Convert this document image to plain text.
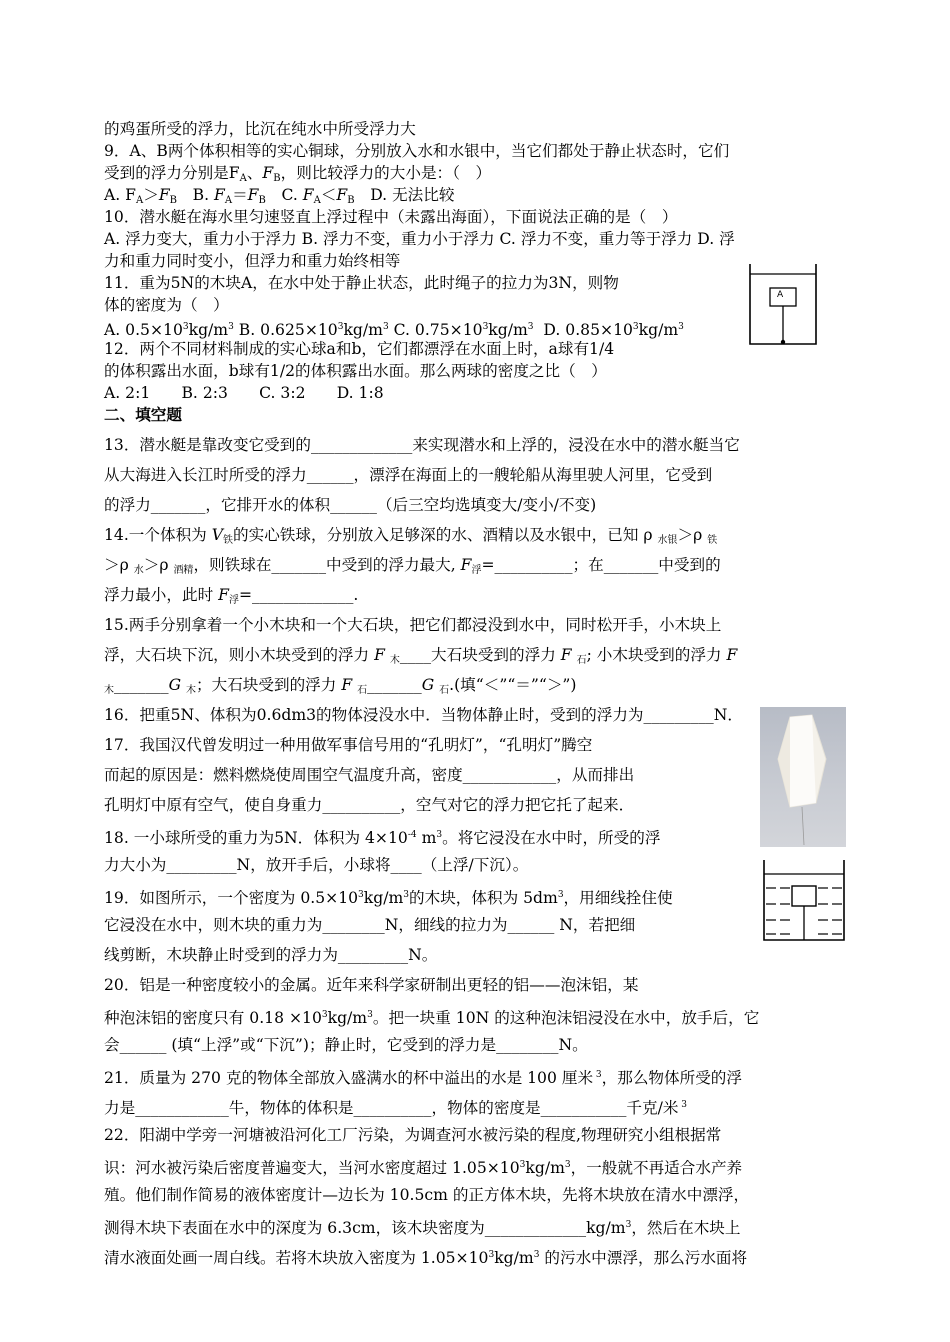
A
的鸡蛋所受的浮力，比沉在纯水中所受浮力大
9．A、B两个体积相等的实心铜球，分别放入水和水银中，当它们都处于静止状态时，它们
受到的浮力分别是$F_A$、$F_B$，则比较浮力的大小是：（　）
A. $F_A>F_B$　B. $F_A=F_B$　C. $F_A<F_B$　D. 无法比较
10．潜水艇在海水里匀速竖直上浮过程中（未露出海面），下面说法正确的是（　）
A. 浮力变大，重力小于浮力 B. 浮力不变，重力小于浮力 C. 浮力不变，重力等于浮力 D. 浮
力和重力同时变小，但浮力和重力始终相等
11．重为5N的木块A，在水中处于静止状态，此时绳子的拉力为3N，则物
体的密度为（　）
A. $0.5\times 10^3kg/m^3$ B. $0.625\times 10^3kg/m^3$ C. $0.75\times 10^3kg/m^3$  D. $0.85\times 10^3kg/m^3$
12．两个不同材料制成的实心球a和b，它们都漂浮在水面上时，a球有1/4
的体积露出水面，b球有1/2的体积露出水面。那么两球的密度之比（　）
A. 2:1　　B. 2:3　　C. 3:2　　D. 1:8
二、填空题
13．潜水艇是靠改变它受到的_____________来实现潜水和上浮的，浸没在水中的潜水艇当它
从大海进入长江时所受的浮力______，漂浮在海面上的一艘轮船从海里驶人河里，它受到
的浮力_______，它排开水的体积______（后三空均选填变大/变小/不变)
14.一个体积为 $V_铁$的实心铁球，分别放入足够深的水、酒精以及水银中，已知 ρ $_{水银}$＞ρ $_铁$
＞ρ $_水$＞ρ $_{酒精}$，则铁球在_______中受到的浮力最大, $F_浮=\_\_\_\_\_\_\_\_\_\_$；在_______中受到的
浮力最小，此时 $F_浮=\_\_\_\_\_\_\_\_\_\_\_\_\_$.
15.两手分别拿着一个小木块和一个大石块，把它们都浸没到水中，同时松开手，小木块上
浮，大石块下沉，则小木块受到的浮力 F $_木$____大石块受到的浮力 F $_石$; 小木块受到的浮力 F
$_木$_______G $_木$；大石块受到的浮力 F $_石$_______G $_石$.(填“＜”“＝”“＞”)
16．把重5N、体积为0.6dm3的物体浸没水中．当物体静止时，受到的浮力为_________N．
17．我国汉代曾发明过一种用做军事信号用的“孔明灯”，“孔明灯”腾空
而起的原因是：燃料燃烧使周围空气温度升高，密度____________，从而排出
孔明灯中原有空气，使自身重力__________，空气对它的浮力把它托了起来．
18. 一小球所受的重力为5N．体积为 $4\times 10^{-4}$ $m^3$。将它浸没在水中时，所受的浮
力大小为_________N，放开手后，小球将____（上浮/下沉）。
19．如图所示，一个密度为 $0.5\times 10^3kg/m^3$的木块，体积为 $5dm^3$，用细线拴住使
它浸没在水中，则木块的重力为________N，细线的拉力为______ N，若把细
线剪断，木块静止时受到的浮力为_________N。
20．铝是一种密度较小的金属。近年来科学家研制出更轻的铝——泡沫铝，某
种泡沫铝的密度只有 $0.18 \times 10^3kg/m^3$。把一块重 10N 的这种泡沫铝浸没在水中，放手后，它
会______ (填“上浮”或“下沉”)；静止时，它受到的浮力是________N。
21．质量为 270 克的物体全部放入盛满水的杯中溢出的水是 100 厘米 $^3$，那么物体所受的浮
力是____________牛，物体的体积是__________，物体的密度是___________千克/米 $^3$
22．阳湖中学旁一河塘被沿河化工厂污染，为调查河水被污染的程度,物理研究小组根据常
识：河水被污染后密度普遍变大，当河水密度超过 $1.05\times 10^3kg/m^3$，一般就不再适合水产养
殖。他们制作简易的液体密度计—边长为 10.5cm 的正方体木块，先将木块放在清水中漂浮，
测得木块下表面在水中的深度为 6.3cm，该木块密度为$\_\_\_\_\_\_\_\_\_\_\_\_\_kg/m^3$，然后在木块上
清水液面处画一周白线。若将木块放入密度为 $1.05\times 10^3kg/m^3$ 的污水中漂浮，那么污水面将
